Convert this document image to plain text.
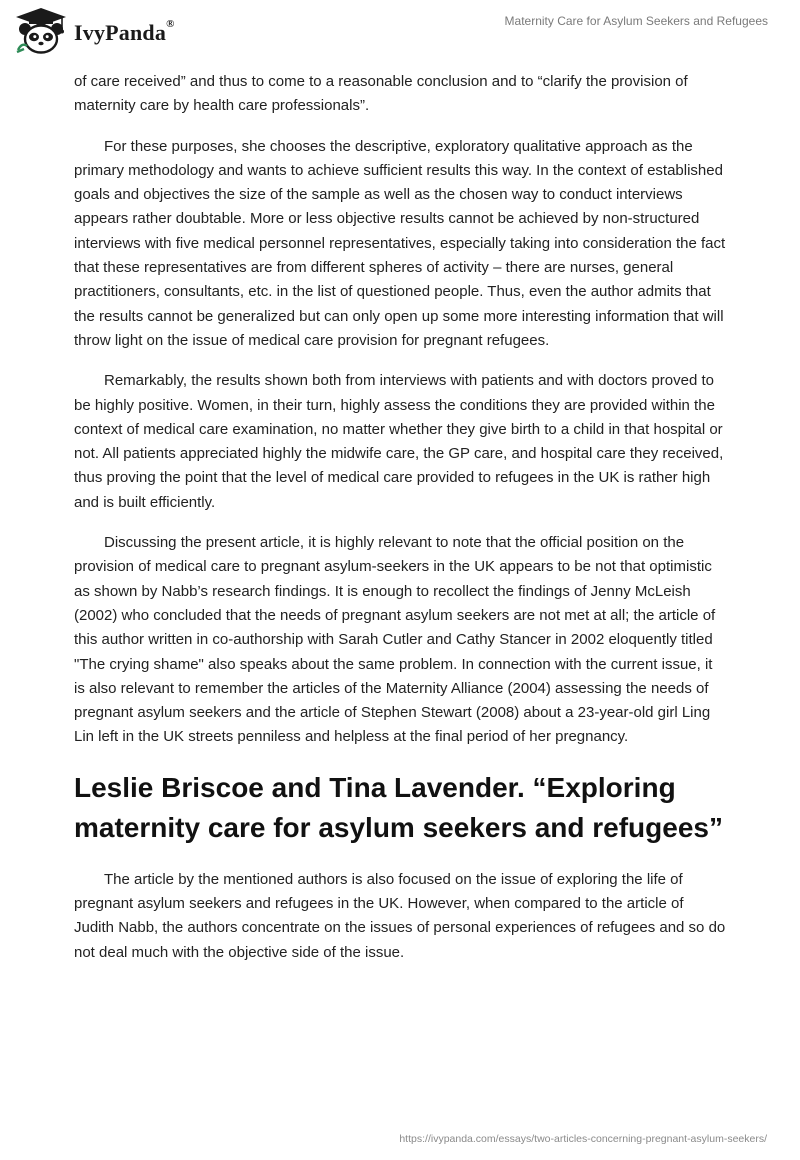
IvyPanda®	Maternity Care for Asylum Seekers and Refugees

of care received” and thus to come to a reasonable conclusion and to “clarify the provision of maternity care by health care professionals”.

For these purposes, she chooses the descriptive, exploratory qualitative approach as the primary methodology and wants to achieve sufficient results this way. In the context of established goals and objectives the size of the sample as well as the chosen way to conduct interviews appears rather doubtable. More or less objective results cannot be achieved by non-structured interviews with five medical personnel representatives, especially taking into consideration the fact that these representatives are from different spheres of activity – there are nurses, general practitioners, consultants, etc. in the list of questioned people. Thus, even the author admits that the results cannot be generalized but can only open up some more interesting information that will throw light on the issue of medical care provision for pregnant refugees.

Remarkably, the results shown both from interviews with patients and with doctors proved to be highly positive. Women, in their turn, highly assess the conditions they are provided within the context of medical care examination, no matter whether they give birth to a child in that hospital or not. All patients appreciated highly the midwife care, the GP care, and hospital care they received, thus proving the point that the level of medical care provided to refugees in the UK is rather high and is built efficiently.

Discussing the present article, it is highly relevant to note that the official position on the provision of medical care to pregnant asylum-seekers in the UK appears to be not that optimistic as shown by Nabb’s research findings. It is enough to recollect the findings of Jenny McLeish (2002) who concluded that the needs of pregnant asylum seekers are not met at all; the article of this author written in co-authorship with Sarah Cutler and Cathy Stancer in 2002 eloquently titled "The crying shame" also speaks about the same problem. In connection with the current issue, it is also relevant to remember the articles of the Maternity Alliance (2004) assessing the needs of pregnant asylum seekers and the article of Stephen Stewart (2008) about a 23-year-old girl Ling Lin left in the UK streets penniless and helpless at the final period of her pregnancy.

Leslie Briscoe and Tina Lavender. “Exploring maternity care for asylum seekers and refugees”

The article by the mentioned authors is also focused on the issue of exploring the life of pregnant asylum seekers and refugees in the UK. However, when compared to the article of Judith Nabb, the authors concentrate on the issues of personal experiences of refugees and so do not deal much with the objective side of the issue.

https://ivypanda.com/essays/two-articles-concerning-pregnant-asylum-seekers/
